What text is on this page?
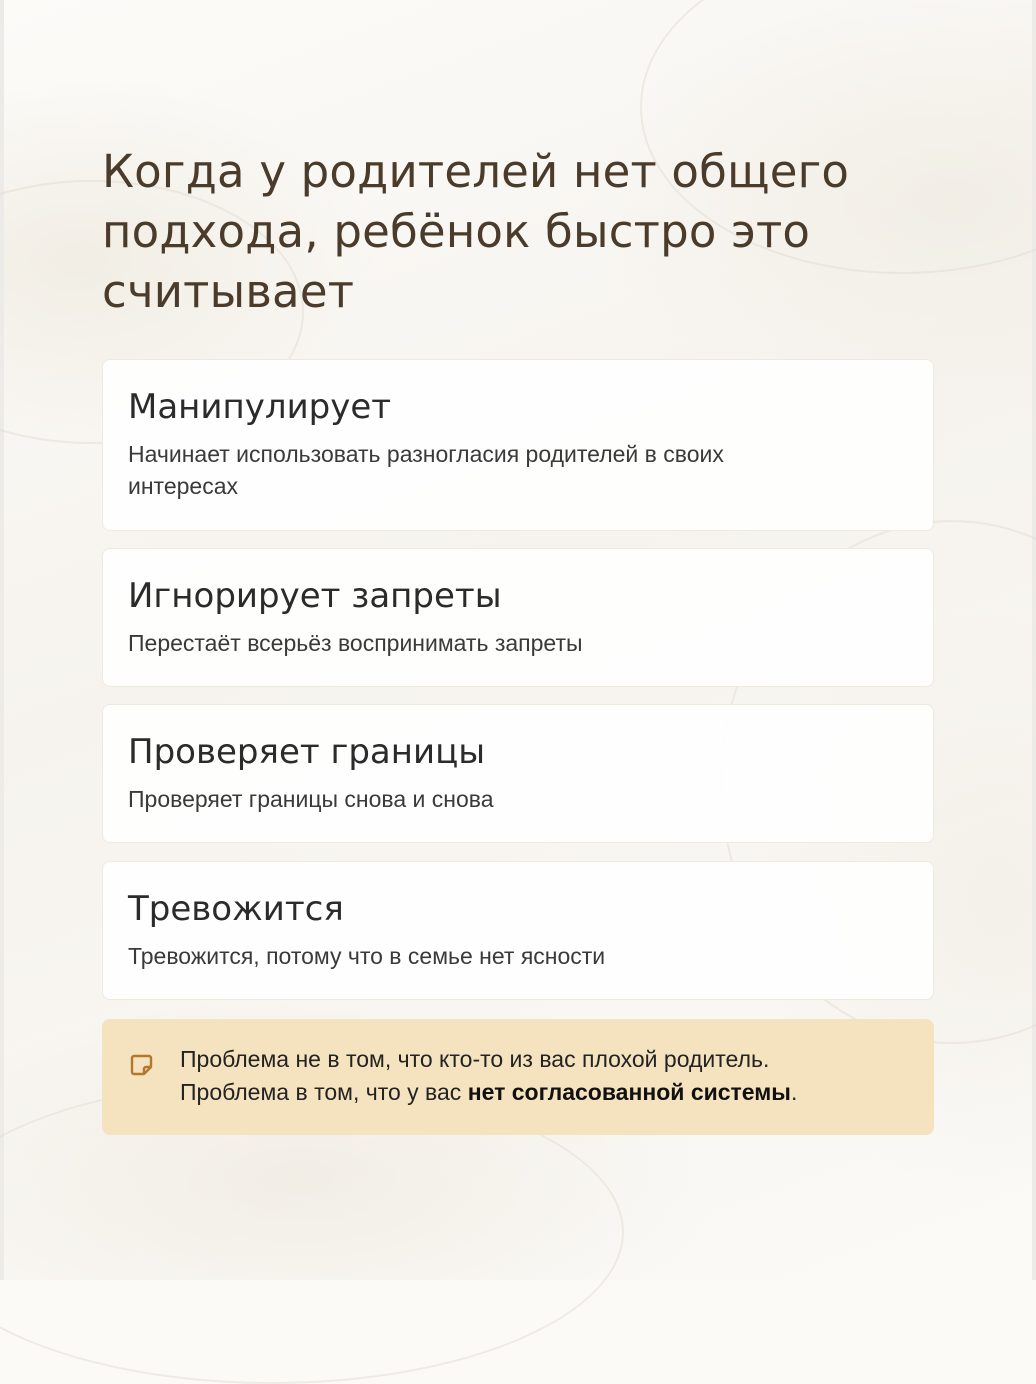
Когда у родителей нет общего подхода, ребёнок быстро это считывает
Манипулирует

Начинает использовать разногласия родителей в своих интересах

Игнорирует запреты

Перестаёт всерьёз воспринимать запреты

Проверяет границы

Проверяет границы снова и снова

Тревожится

Тревожится, потому что в семье нет ясности

Проблема не в том, что кто-то из вас плохой родитель.
Проблема в том, что у вас нет согласованной системы.
